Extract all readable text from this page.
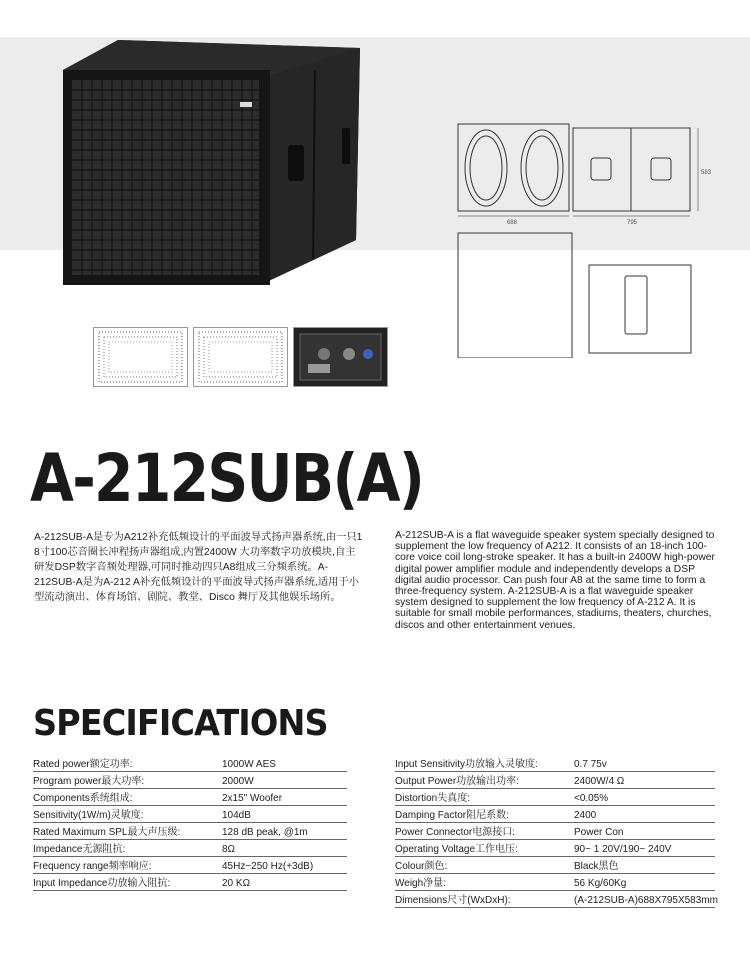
688	795
583
A-212SUB(A)
A-212SUB-A是专为A212补充低频设计的平面波导式扬声器系统,由一只1 8寸100芯音圈长冲程扬声器组成,内置2400W 大功率数字功放模块,自主研发DSP数字音频处理器,可同时推动四只A8组成三分频系统。A-212SUB-A是为A-212 A补充低频设计的平面波导式扬声器系统,适用于小型流动演出、体育场馆、剧院、教堂、Disco 舞厅及其他娱乐场所。
A-212SUB-A is a flat waveguide speaker system specially designed to supplement the low frequency of A212. It consists of an 18-inch 100-core voice coil long-stroke speaker. It has a built-in 2400W high-power digital power amplifier module and independently develops a DSP digital audio processor. Can push four A8 at the same time to form a three-frequency system. A-212SUB-A is a flat waveguide speaker system designed to supplement the low frequency of A-212 A. It is suitable for small mobile performances, stadiums, theaters, churches, discos and other entertainment venues.
SPECIFICATIONS
Rated power额定功率:	1000W AES
Program power最大功率:	2000W
Components系统组成:	2x15" Woofer
Sensitivity(1W/m)灵敏度:	104dB
Rated Maximum SPL最大声压级:	128 dB peak, @1m
Impedance无源阻抗:	8Ω
Frequency range频率响应:	45Hz~250 Hz(+3dB)
Input Impedance功放输入阻抗:	20 KΩ
Input Sensitivity功放输入灵敏度:	0.7 75v
Output Power功放输出功率:	2400W/4 Ω
Distortion失真度:	<0.05%
Damping Factor阻尼系数:	2400
Power Connector电源接口:	Power Con
Operating Voltage工作电压:	90~ 1 20V/190~ 240V
Colour颜色:	Black黑色
Weigh净量:	56 Kg/60Kg
Dimensions尺寸(WxDxH):	(A-212SUB-A)688X795X583mm
